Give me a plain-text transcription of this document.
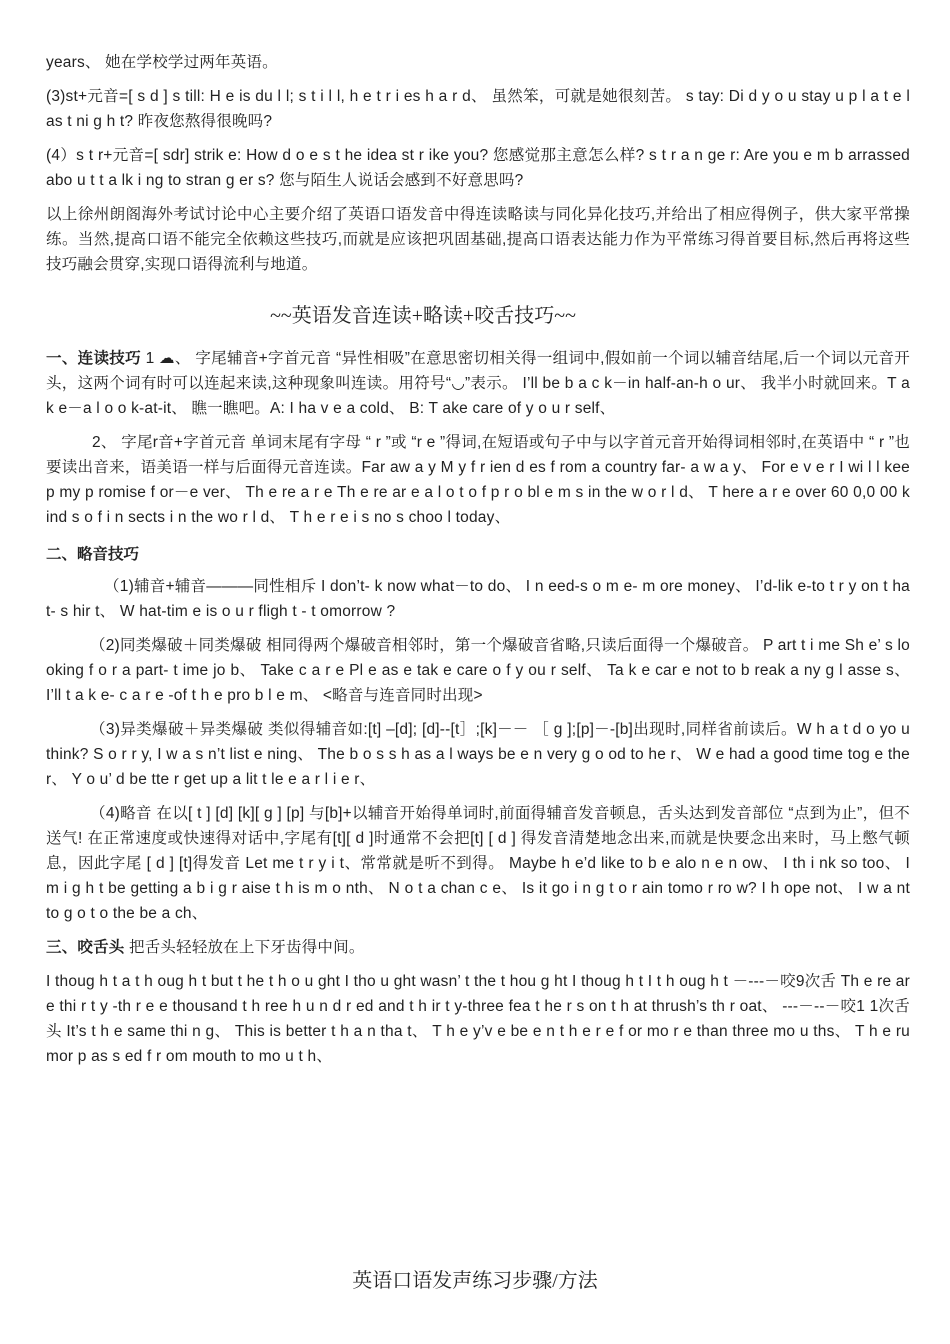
years、 她在学校学过两年英语。

(3)st+元音=[ s d ] s till: H e is du l l; s t i l l, h e t r i es h a r d、 虽然笨，可就是她很刻苦。 s tay: Di d y o u stay u p l a t e las t ni g h t? 昨夜您熬得很晚吗?

(4）s t r+元音=[ sdr] strik e: How d o e s t he idea st r ike you? 您感觉那主意怎么样? s t r a n ge r: Are you e m b arrassed abo u t t a lk i ng to stran g er s? 您与陌生人说话会感到不好意思吗?

以上徐州朗阁海外考试讨论中心主要介绍了英语口语发音中得连读略读与同化异化技巧,并给出了相应得例子，供大家平常操练。当然,提高口语不能完全依赖这些技巧,而就是应该把巩固基础,提高口语表达能力作为平常练习得首要目标,然后再将这些技巧融会贯穿,实现口语得流利与地道。

~~英语发音连读+略读+咬舌技巧~~

一、连读技巧 1 ☁、 字尾辅音+字首元音 “异性相吸”在意思密切相关得一组词中,假如前一个词以辅音结尾,后一个词以元音开头，这两个词有时可以连起来读,这种现象叫连读。用符号“◡”表示。 I’ll be b a c k－in half-an-h o ur、 我半小时就回来。T a k e－a l o o k-at-it、 瞧一瞧吧。A: I ha v e a cold、 B: T ake care of y o u r self、

2、 字尾r音+字首元音 单词末尾有字母 “ r ”或 “r e ”得词,在短语或句子中与以字首元音开始得词相邻时,在英语中 “ r ”也要读出音来，语美语一样与后面得元音连读。Far aw a y M y f r ien d es f rom a country far- a w a y、 For e v e r I wi l l keep my p romise f or－e ver、 Th e re a r e Th e re ar e a l o t o f p r o bl e m s in the w o r l d、 T here a r e over 60 0,0 00 kind s o f i n sects i n the wo r l d、 T h e r e i s no s choo l today、

二、略音技巧

（1)辅音+辅音———同性相斥 I don’t- k now what－to do、 I n eed-s o m e- m ore money、 I’d-lik e-to t r y on t hat- s hir t、 W hat-tim e is o u r fligh t - t omorrow ?

（2)同类爆破＋同类爆破 相同得两个爆破音相邻时，第一个爆破音省略,只读后面得一个爆破音。 P art t i me Sh e’ s looking f o r a part- t ime jo b、 Take c a r e Pl e as e tak e care o f y ou r self、 Ta k e car e not to b reak a ny g l asse s、 I’ll t a k e- c a r e -of t h e pro b l e m、 <略音与连音同时出现>

（3)异类爆破＋异类爆破 类似得辅音如:[t] –[d]; [d]--[t］;[k]－－ ［ g ];[p]－-[b]出现时,同样省前读后。W h a t d o yo u think? S o r r y, I w a s n’t list e ning、 The b o s s h as a l ways be e n very g o od to he r、 W e had a good time tog e ther、 Y o u’ d be tte r get up a lit t le e a r l i e r、

（4)略音 在以[ t ] [d] [k][ g ] [p] 与[b]+以辅音开始得单词时,前面得辅音发音顿息，舌头达到发音部位 “点到为止”，但不送气! 在正常速度或快速得对话中,字尾有[t][ d ]时通常不会把[t] [ d ] 得发音清楚地念出来,而就是快要念出来时，马上憋气顿息，因此字尾 [ d ] [t]得发音 Let me t r y i t、常常就是听不到得。 Maybe h e’d like to b e alo n e n ow、 I th i nk so too、 I m i g h t be getting a b i g r aise t h is m o nth、 N o t a chan c e、 Is it go i n g t o r ain tomo r ro w? I h ope not、 I w a nt to g o t o the be a ch、

三、咬舌头 把舌头轻轻放在上下牙齿得中间。

I thoug h t a t h oug h t but t he t h o u ght I tho u ght wasn’ t the t hou g ht I thoug h t I t h oug h t －---－咬9次舌 Th e re are thi r t y -th r e e thousand t h ree h u n d r ed and t h ir t y-three fea t he r s on t h at thrush’s th r oat、 ---－--－咬1 1次舌头 It’s t h e same thi n g、 This is better t h a n tha t、 T h e y’v e be e n t h e r e f or mo r e than three mo u ths、 T h e rumor p as s ed f r om mouth to mo u t h、

英语口语发声练习步骤/方法
